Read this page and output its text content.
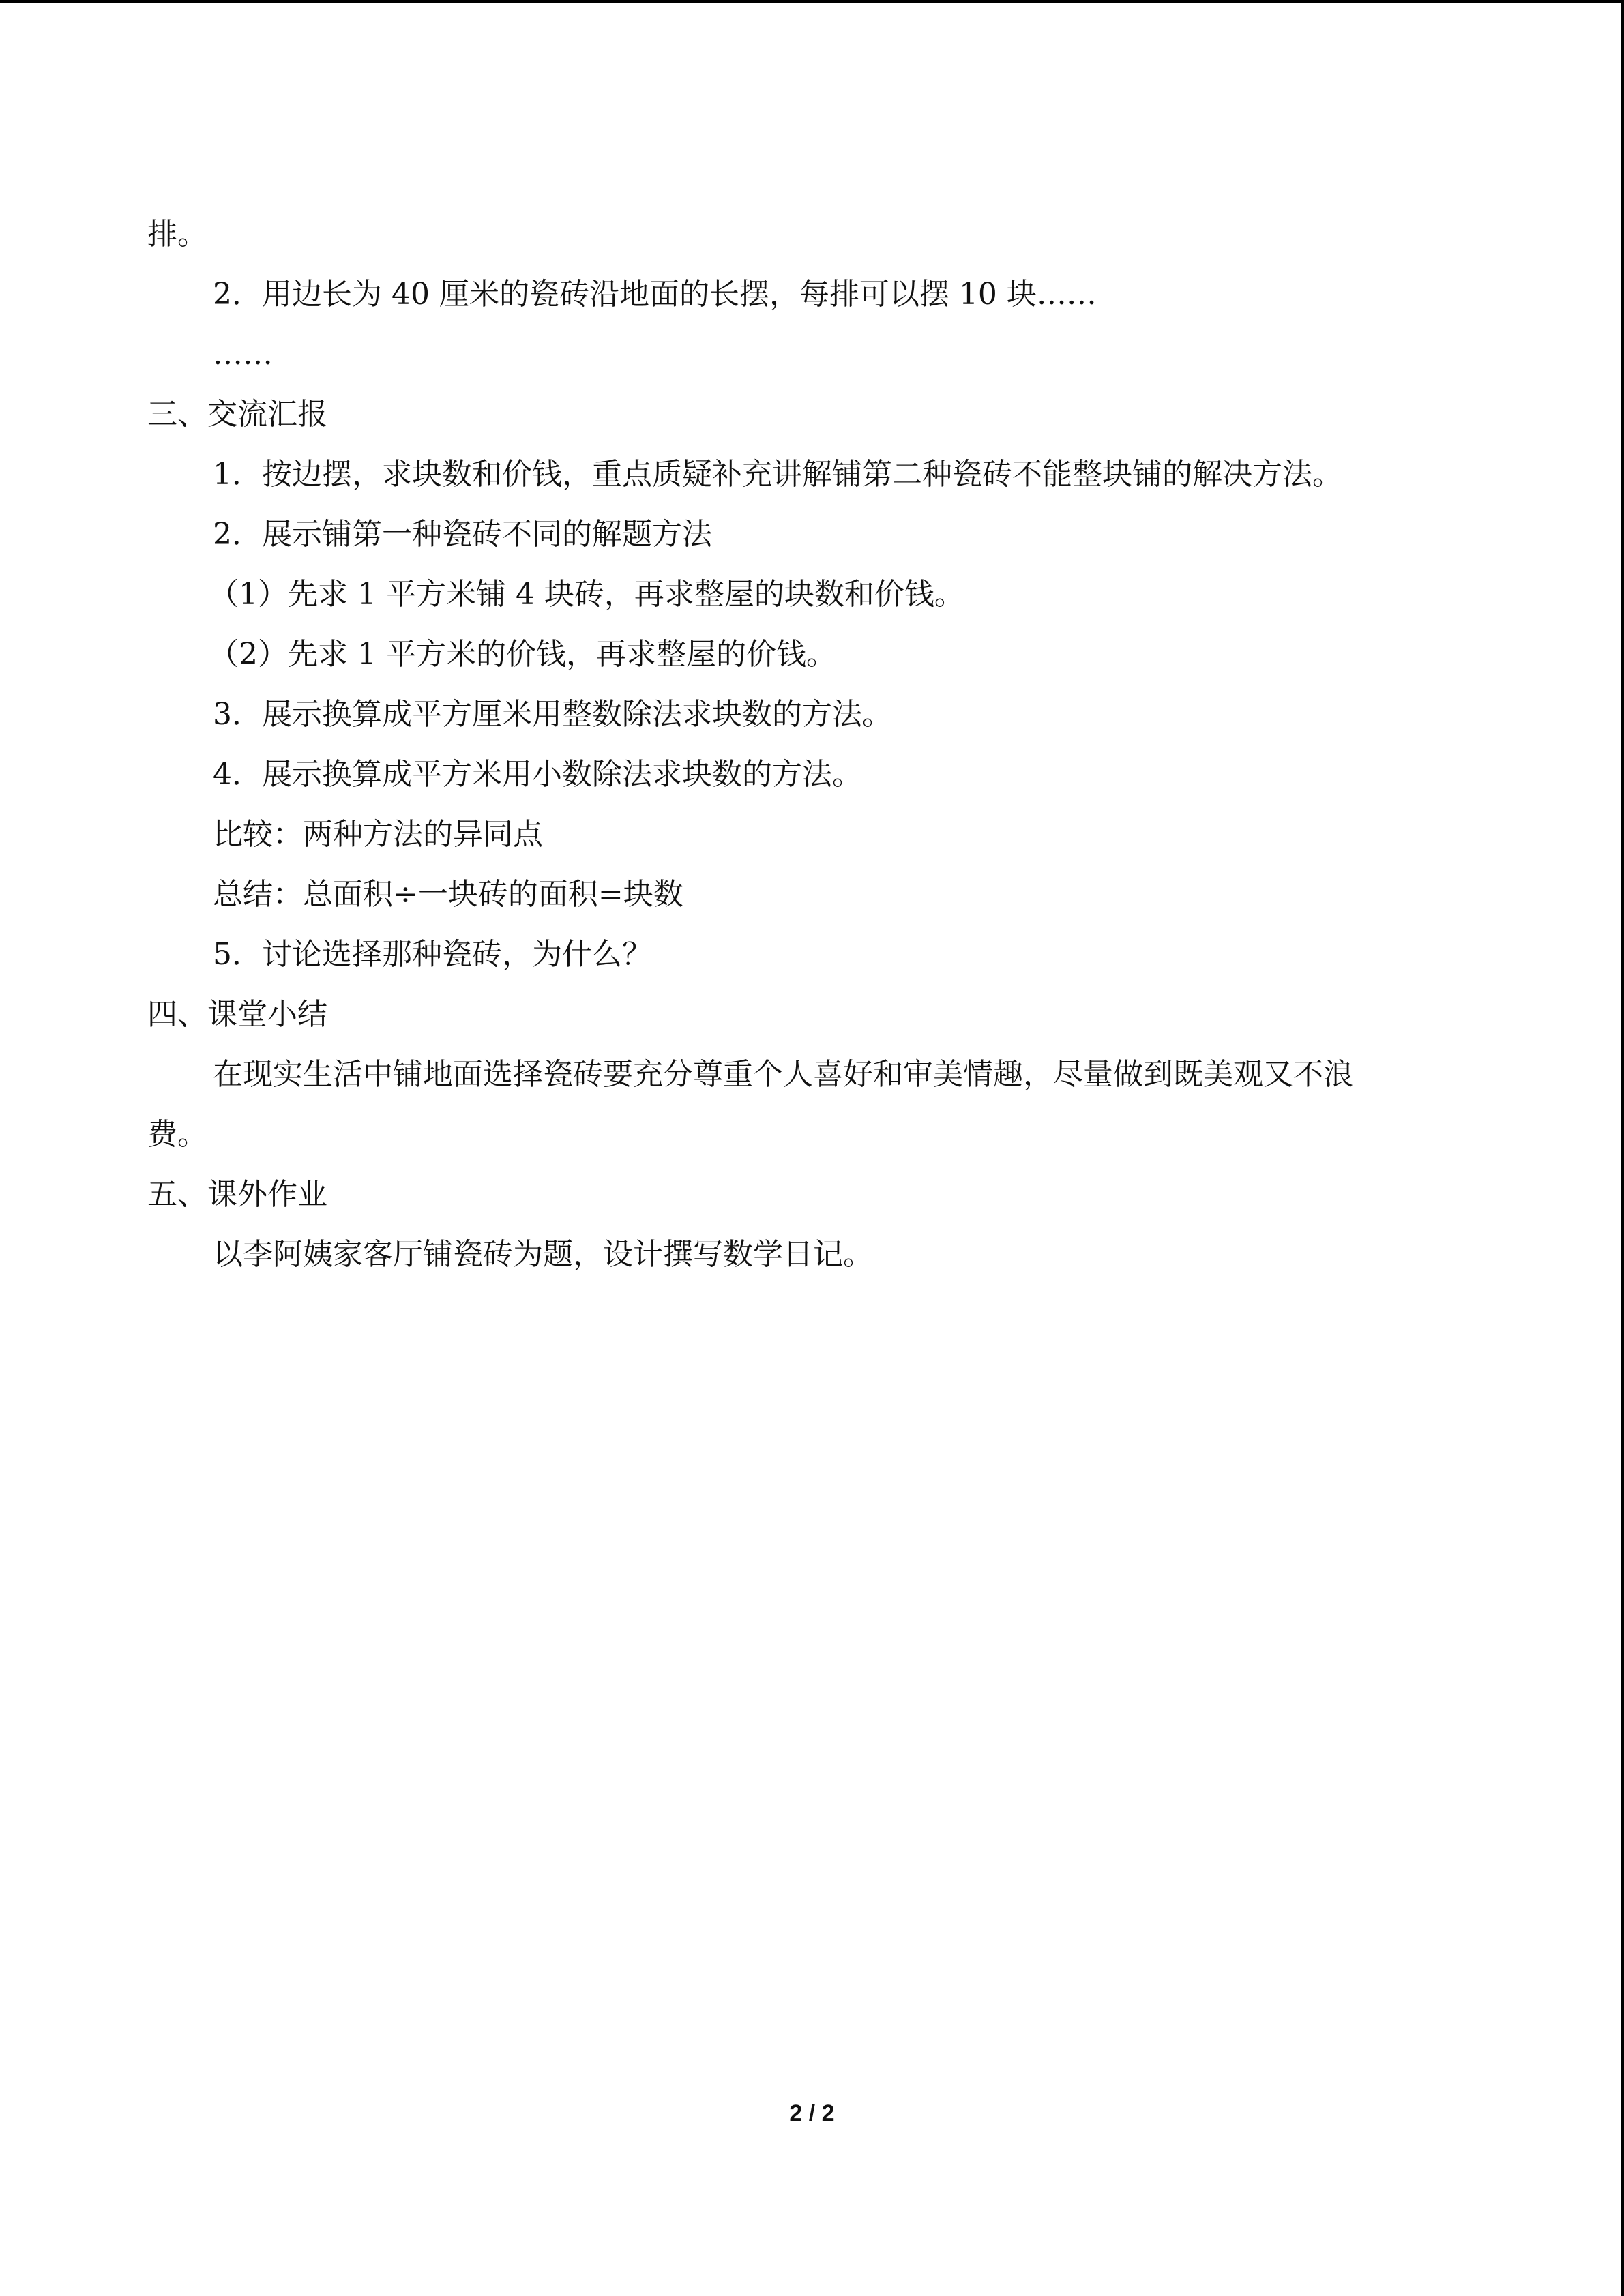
排。
2．用边长为 40 厘米的瓷砖沿地面的长摆，每排可以摆 10 块……
……
三、交流汇报
1．按边摆，求块数和价钱，重点质疑补充讲解铺第二种瓷砖不能整块铺的解决方法。
2．展示铺第一种瓷砖不同的解题方法
（1）先求 1 平方米铺 4 块砖，再求整屋的块数和价钱。
（2）先求 1 平方米的价钱，再求整屋的价钱。
3．展示换算成平方厘米用整数除法求块数的方法。
4．展示换算成平方米用小数除法求块数的方法。
比较：两种方法的异同点
总结：总面积÷一块砖的面积=块数
5．讨论选择那种瓷砖，为什么？
四、课堂小结
在现实生活中铺地面选择瓷砖要充分尊重个人喜好和审美情趣，尽量做到既美观又不浪
费。
五、课外作业
以李阿姨家客厅铺瓷砖为题，设计撰写数学日记。
2 / 2
